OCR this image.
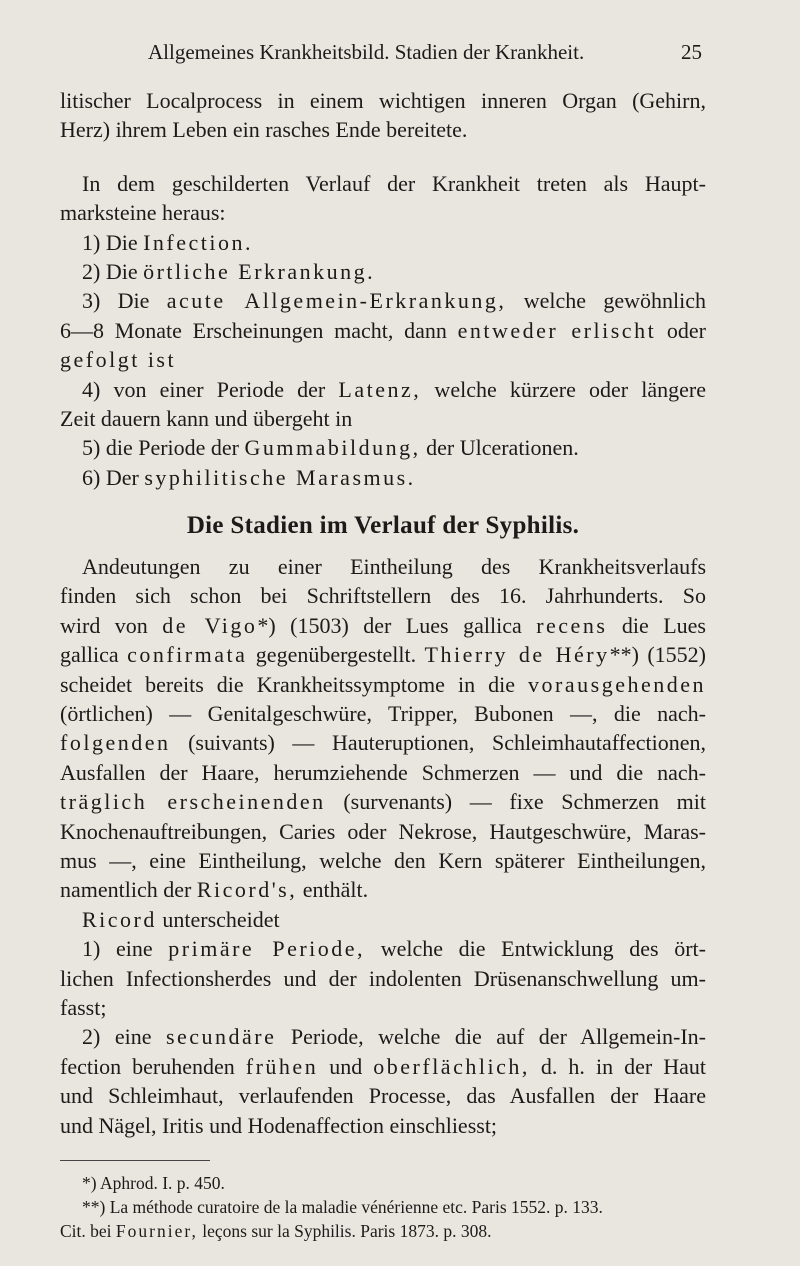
Allgemeines Krankheitsbild. Stadien der Krankheit.	25
litischer Localprocess in einem wichtigen inneren Organ (Gehirn,
Herz) ihrem Leben ein rasches Ende bereitete.
In dem geschilderten Verlauf der Krankheit treten als Haupt-
marksteine heraus:
1) Die Infection.
2) Die örtliche Erkrankung.
3) Die acute Allgemein-Erkrankung, welche gewöhnlich
6—8 Monate Erscheinungen macht, dann entweder erlischt oder
gefolgt ist
4) von einer Periode der Latenz, welche kürzere oder längere
Zeit dauern kann und übergeht in
5) die Periode der Gummabildung, der Ulcerationen.
6) Der syphilitische Marasmus.
Die Stadien im Verlauf der Syphilis.
Andeutungen zu einer Eintheilung des Krankheitsverlaufs
finden sich schon bei Schriftstellern des 16. Jahrhunderts. So
wird von de Vigo*) (1503) der Lues gallica recens die Lues
gallica confirmata gegenübergestellt. Thierry de Héry**) (1552)
scheidet bereits die Krankheitssymptome in die vorausgehenden
(örtlichen) — Genitalgeschwüre, Tripper, Bubonen —, die nach-
folgenden (suivants) — Hauteruptionen, Schleimhautaffectionen,
Ausfallen der Haare, herumziehende Schmerzen — und die nach-
träglich erscheinenden (survenants) — fixe Schmerzen mit
Knochenauftreibungen, Caries oder Nekrose, Hautgeschwüre, Maras-
mus —, eine Eintheilung, welche den Kern späterer Eintheilungen,
namentlich der Ricord's, enthält.
Ricord unterscheidet
1) eine primäre Periode, welche die Entwicklung des ört-
lichen Infectionsherdes und der indolenten Drüsenanschwellung um-
fasst;
2) eine secundäre Periode, welche die auf der Allgemein-In-
fection beruhenden frühen und oberflächlich, d. h. in der Haut
und Schleimhaut, verlaufenden Processe, das Ausfallen der Haare
und Nägel, Iritis und Hodenaffection einschliesst;
*) Aphrod. I. p. 450.
**) La méthode curatoire de la maladie vénérienne etc. Paris 1552. p. 133.
Cit. bei Fournier, leçons sur la Syphilis. Paris 1873. p. 308.
